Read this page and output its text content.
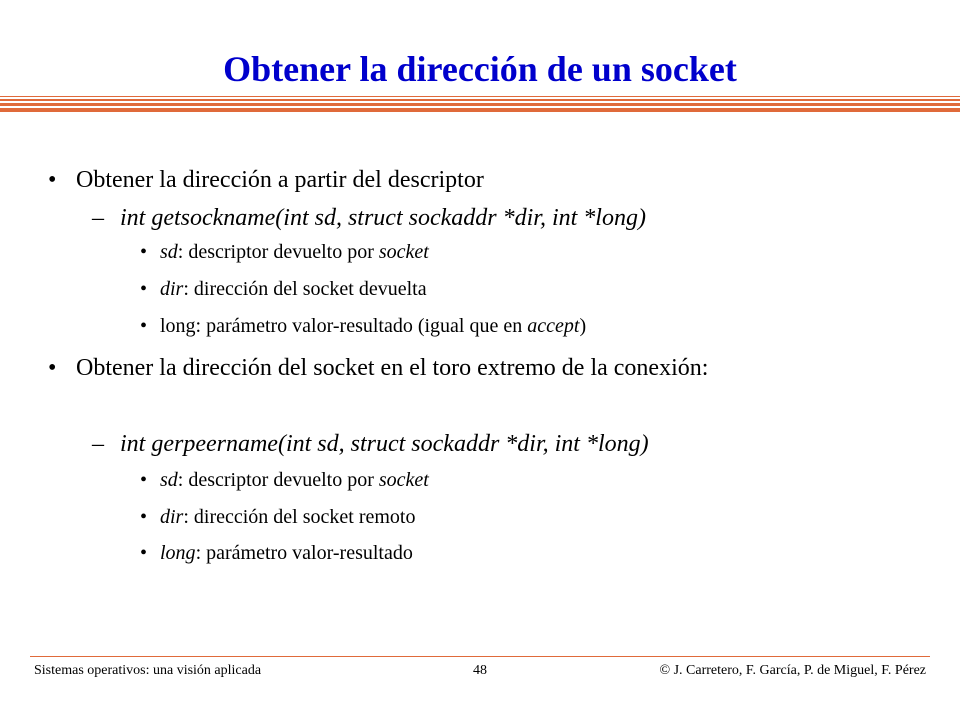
Obtener la dirección de un socket
• Obtener la dirección a partir del descriptor
– int getsockname(int sd, struct sockaddr *dir, int *long)
• sd: descriptor devuelto por socket
• dir: dirección del socket devuelta
• long: parámetro valor-resultado (igual que en accept)
• Obtener la dirección del socket en el toro extremo de la conexión:
– int gerpeername(int sd, struct sockaddr *dir, int *long)
• sd: descriptor devuelto por socket
• dir: dirección del socket remoto
• long: parámetro valor-resultado
Sistemas operativos: una visión aplicada	48	© J. Carretero, F. García, P. de Miguel, F. Pérez
